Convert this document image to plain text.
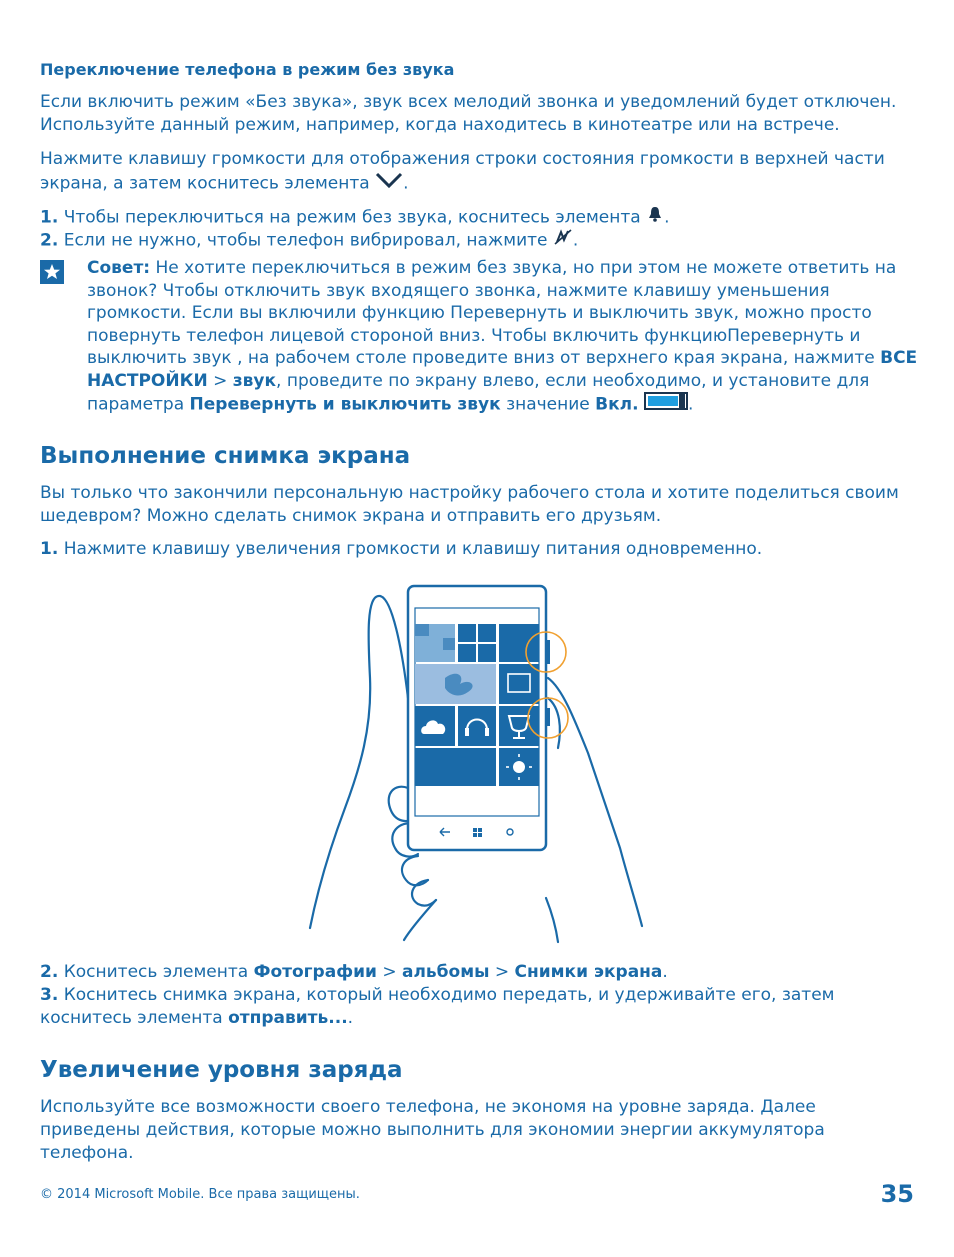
Переключение телефона в режим без звука
Если включить режим «Без звука», звук всех мелодий звонка и уведомлений будет отключен. Используйте данный режим, например, когда находитесь в кинотеатре или на встрече.
Нажмите клавишу громкости для отображения строки состояния громкости в верхней части экрана, а затем коснитесь элемента .
1. Чтобы переключиться на режим без звука, коснитесь элемента .
2. Если не нужно, чтобы телефон вибрировал, нажмите .
Совет: Не хотите переключиться в режим без звука, но при этом не можете ответить на звонок? Чтобы отключить звук входящего звонка, нажмите клавишу уменьшения громкости. Если вы включили функцию Перевернуть и выключить звук, можно просто повернуть телефон лицевой стороной вниз. Чтобы включить функциюПеревернуть и выключить звук , на рабочем столе проведите вниз от верхнего края экрана, нажмите ВСЕ НАСТРОЙКИ > звук, проведите по экрану влево, если необходимо, и установите для параметра Перевернуть и выключить звук значение Вкл.	.
Выполнение снимка экрана
Вы только что закончили персональную настройку рабочего стола и хотите поделиться своим шедевром? Можно сделать снимок экрана и отправить его друзьям.
1. Нажмите клавишу увеличения громкости и клавишу питания одновременно.
2. Коснитесь элемента Фотографии > альбомы > Снимки экрана.
3. Коснитесь снимка экрана, который необходимо передать, и удерживайте его, затем коснитесь элемента отправить....
Увеличение уровня заряда
Используйте все возможности своего телефона, не экономя на уровне заряда. Далее приведены действия, которые можно выполнить для экономии энергии аккумулятора телефона.
© 2014 Microsoft Mobile. Все права защищены.	35
